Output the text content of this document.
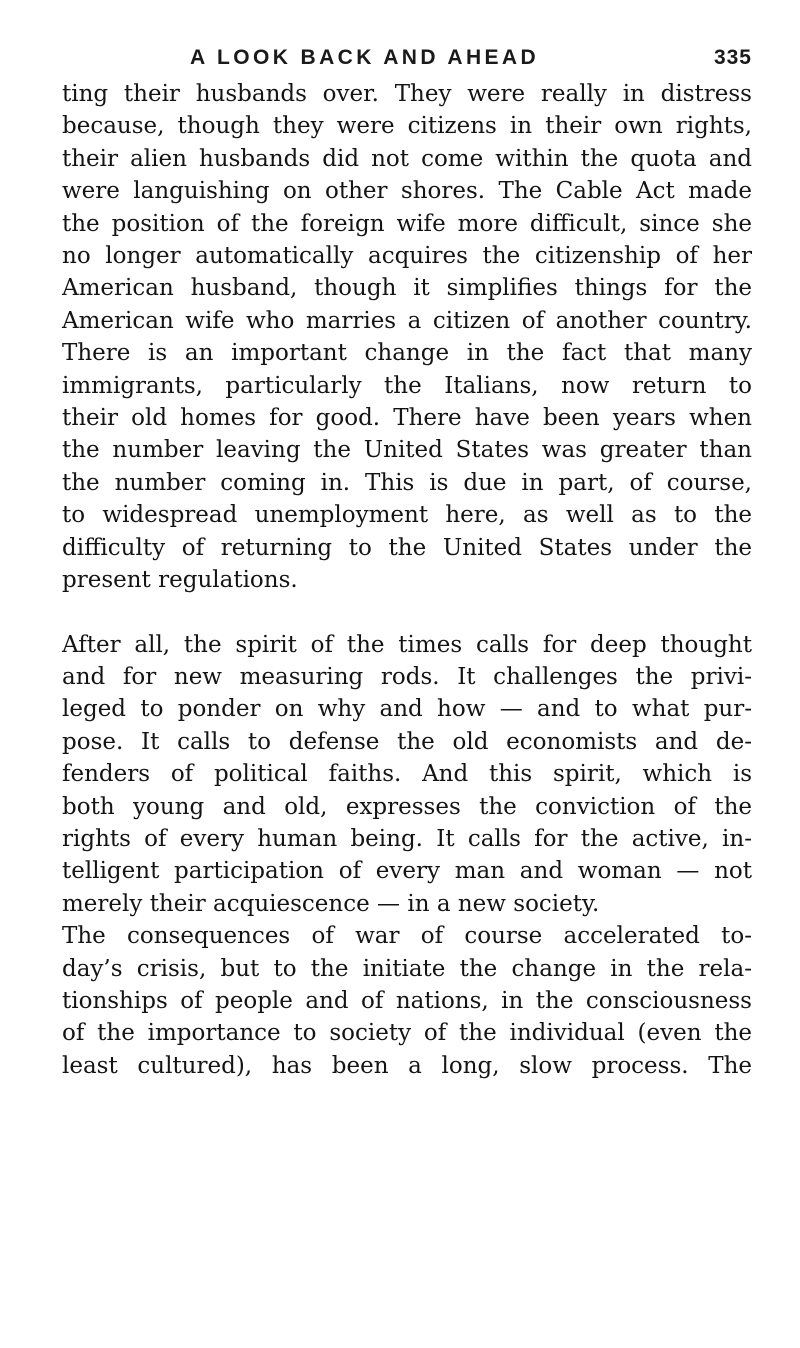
A LOOK BACK AND AHEAD	335
ting their husbands over. They were really in distress
because, though they were citizens in their own rights,
their alien husbands did not come within the quota and
were languishing on other shores. The Cable Act made
the position of the foreign wife more difficult, since she
no longer automatically acquires the citizenship of her
American husband, though it simplifies things for the
American wife who marries a citizen of another country.
There is an important change in the fact that many
immigrants, particularly the Italians, now return to
their old homes for good. There have been years when
the number leaving the United States was greater than
the number coming in. This is due in part, of course,
to widespread unemployment here, as well as to the
difficulty of returning to the United States under the
present regulations.
After all, the spirit of the times calls for deep thought
and for new measuring rods. It challenges the privi-
leged to ponder on why and how — and to what pur-
pose. It calls to defense the old economists and de-
fenders of political faiths. And this spirit, which is
both young and old, expresses the conviction of the
rights of every human being. It calls for the active, in-
telligent participation of every man and woman — not
merely their acquiescence — in a new society.
The consequences of war of course accelerated to-
day’s crisis, but to the initiate the change in the rela-
tionships of people and of nations, in the consciousness
of the importance to society of the individual (even the
least cultured), has been a long, slow process. The
